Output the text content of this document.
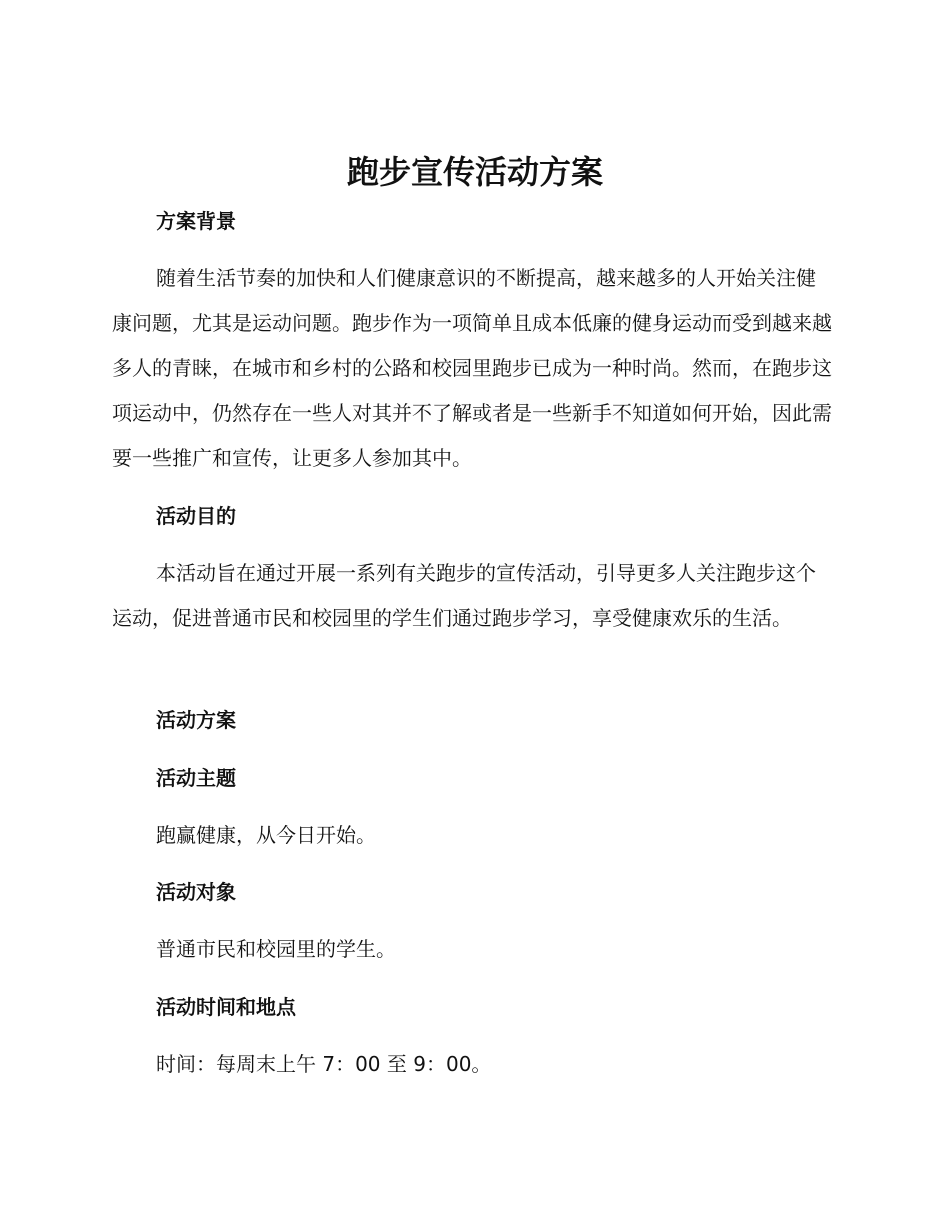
跑步宣传活动方案
方案背景

随着生活节奏的加快和人们健康意识的不断提高，越来越多的人开始关注健康问题，尤其是运动问题。跑步作为一项简单且成本低廉的健身运动而受到越来越多人的青睐，在城市和乡村的公路和校园里跑步已成为一种时尚。然而，在跑步这项运动中，仍然存在一些人对其并不了解或者是一些新手不知道如何开始，因此需要一些推广和宣传，让更多人参加其中。

活动目的

本活动旨在通过开展一系列有关跑步的宣传活动，引导更多人关注跑步这个运动，促进普通市民和校园里的学生们通过跑步学习，享受健康欢乐的生活。

活动方案
活动主题
跑赢健康，从今日开始。
活动对象
普通市民和校园里的学生。
活动时间和地点
时间：每周末上午 7：00 至 9：00。
